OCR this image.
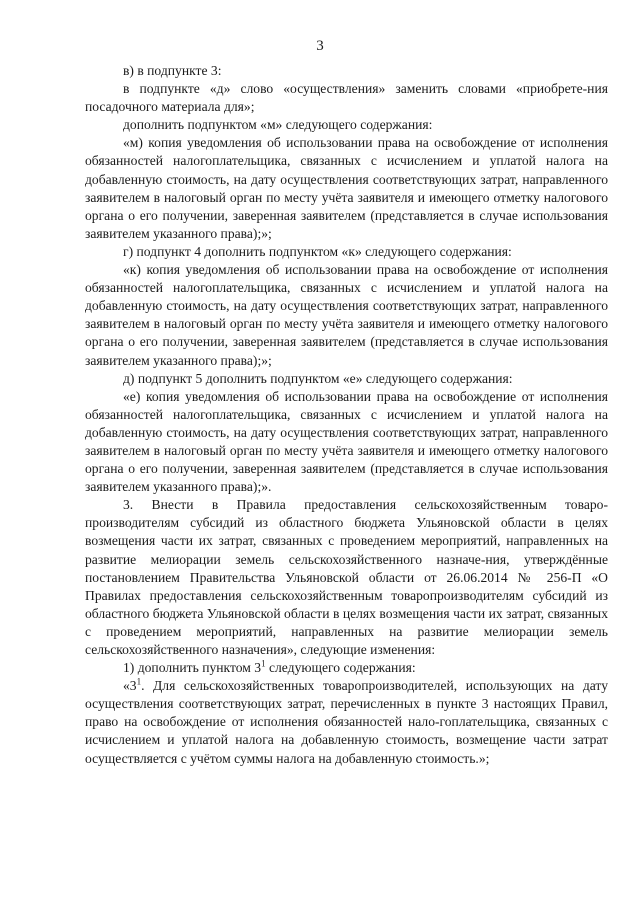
3

в) в подпункте 3:

в подпункте «д» слово «осуществления» заменить словами «приобрете-ния посадочного материала для»;

дополнить подпунктом «м» следующего содержания:

«м) копия уведомления об использовании права на освобождение от исполнения обязанностей налогоплательщика, связанных с исчислением и уплатой налога на добавленную стоимость, на дату осуществления соответствующих затрат, направленного заявителем в налоговый орган по месту учёта заявителя и имеющего отметку налогового органа о его получении, заверенная заявителем (представляется в случае использования заявителем указанного права);»;

г) подпункт 4 дополнить подпунктом «к» следующего содержания:

«к) копия уведомления об использовании права на освобождение от исполнения обязанностей налогоплательщика, связанных с исчислением и уплатой налога на добавленную стоимость, на дату осуществления соответствующих затрат, направленного заявителем в налоговый орган по месту учёта заявителя и имеющего отметку налогового органа о его получении, заверенная заявителем (представляется в случае использования заявителем указанного права);»;

д) подпункт 5 дополнить подпунктом «е» следующего содержания:

«е) копия уведомления об использовании права на освобождение от исполнения обязанностей налогоплательщика, связанных с исчислением и уплатой налога на добавленную стоимость, на дату осуществления соответствующих затрат, направленного заявителем в налоговый орган по месту учёта заявителя и имеющего отметку налогового органа о его получении, заверенная заявителем (представляется в случае использования заявителем указанного права);».

3. Внести в Правила предоставления сельскохозяйственным товаро-производителям субсидий из областного бюджета Ульяновской области в целях возмещения части их затрат, связанных с проведением мероприятий, направленных на развитие мелиорации земель сельскохозяйственного назначе-ния, утверждённые постановлением Правительства Ульяновской области от 26.06.2014 № 256-П «О Правилах предоставления сельскохозяйственным товаропроизводителям субсидий из областного бюджета Ульяновской области в целях возмещения части их затрат, связанных с проведением мероприятий, направленных на развитие мелиорации земель сельскохозяйственного назначения», следующие изменения:

1) дополнить пунктом $3^1$ следующего содержания:

«$3^1$. Для сельскохозяйственных товаропроизводителей, использующих на дату осуществления соответствующих затрат, перечисленных в пункте 3 настоящих Правил, право на освобождение от исполнения обязанностей нало-гоплательщика, связанных с исчислением и уплатой налога на добавленную стоимость, возмещение части затрат осуществляется с учётом суммы налога на добавленную стоимость.»;
